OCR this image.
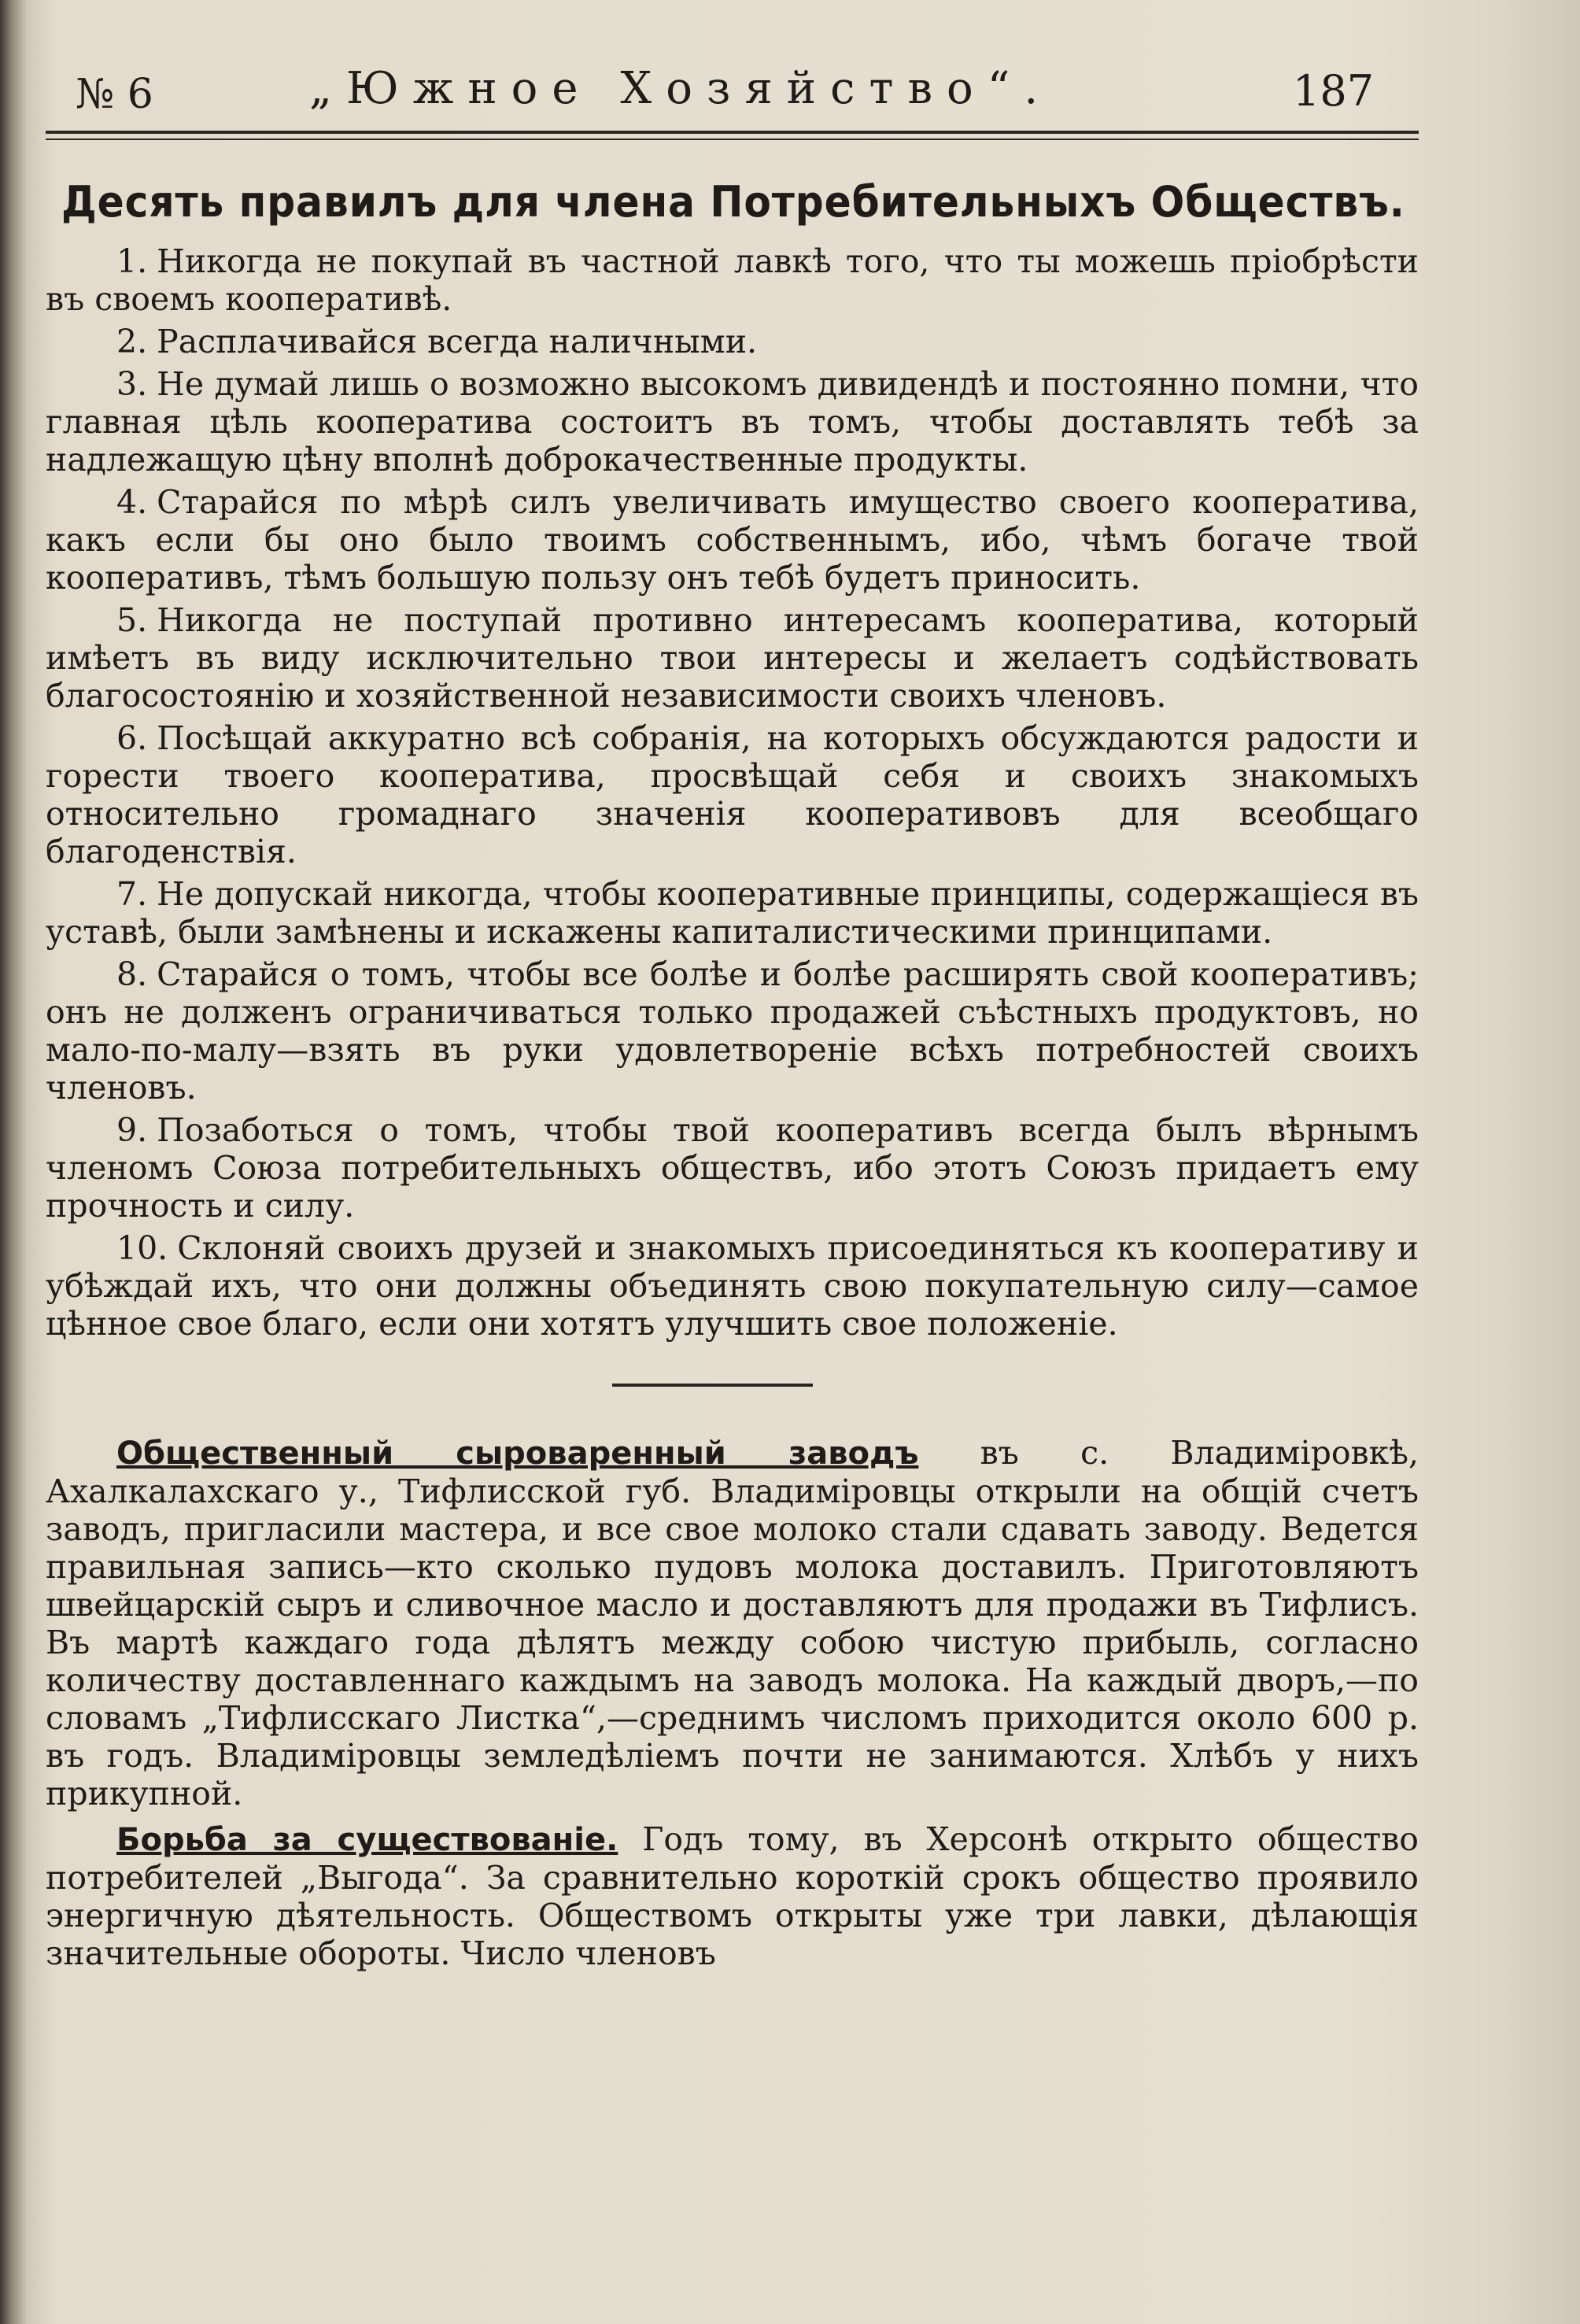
№ 6	„Южное Хозяйство“.	187
Десять правилъ для члена Потребительныхъ Обществъ.

1. Никогда не покупай въ частной лавкѣ того, что ты можешь пріобрѣсти въ своемъ кооперативѣ.

2. Расплачивайся всегда наличными.

3. Не думай лишь о возможно высокомъ дивидендѣ и постоянно помни, что главная цѣль кооператива состоитъ въ томъ, чтобы доставлять тебѣ за надлежащую цѣну вполнѣ доброкачественные продукты.

4. Старайся по мѣрѣ силъ увеличивать имущество своего кооператива, какъ если бы оно было твоимъ собственнымъ, ибо, чѣмъ богаче твой кооперативъ, тѣмъ большую пользу онъ тебѣ будетъ приносить.

5. Никогда не поступай противно интересамъ кооператива, который имѣетъ въ виду исключительно твои интересы и желаетъ содѣйствовать благосостоянію и хозяйственной независимости своихъ членовъ.

6. Посѣщай аккуратно всѣ собранія, на которыхъ обсуждаются радости и горести твоего кооператива, просвѣщай себя и своихъ знакомыхъ относительно громаднаго значенія кооперативовъ для всеобщаго благоденствія.

7. Не допускай никогда, чтобы кооперативные принципы, содержащіеся въ уставѣ, были замѣнены и искажены капиталистическими принципами.

8. Старайся о томъ, чтобы все болѣе и болѣе расширять свой кооперативъ; онъ не долженъ ограничиваться только продажей съѣстныхъ продуктовъ, но мало-по-малу—взять въ руки удовлетвореніе всѣхъ потребностей своихъ членовъ.

9. Позаботься о томъ, чтобы твой кооперативъ всегда былъ вѣрнымъ членомъ Союза потребительныхъ обществъ, ибо этотъ Союзъ придаетъ ему прочность и силу.

10. Склоняй своихъ друзей и знакомыхъ присоединяться къ кооперативу и убѣждай ихъ, что они должны объединять свою покупательную силу—самое цѣнное свое благо, если они хотятъ улучшить свое положеніе.

Общественный сыроваренный заводъ въ с. Владиміровкѣ, Ахалкалахскаго у., Тифлисской губ. Владиміровцы открыли на общій счетъ заводъ, пригласили мастера, и все свое молоко стали сдавать заводу. Ведется правильная запись—кто сколько пудовъ молока доставилъ. Приготовляютъ швейцарскій сыръ и сливочное масло и доставляютъ для продажи въ Тифлисъ. Въ мартѣ каждаго года дѣлятъ между собою чистую прибыль, согласно количеству доставленнаго каждымъ на заводъ молока. На каждый дворъ,—по словамъ „Тифлисскаго Листка“,—среднимъ числомъ приходится около 600 р. въ годъ. Владиміровцы земледѣліемъ почти не занимаются. Хлѣбъ у нихъ прикупной.

Борьба за существованіе. Годъ тому, въ Херсонѣ открыто общество потребителей „Выгода“. За сравнительно короткій срокъ общество проявило энергичную дѣятельность. Обществомъ открыты уже три лавки, дѣлающія значительные обороты. Число членовъ
